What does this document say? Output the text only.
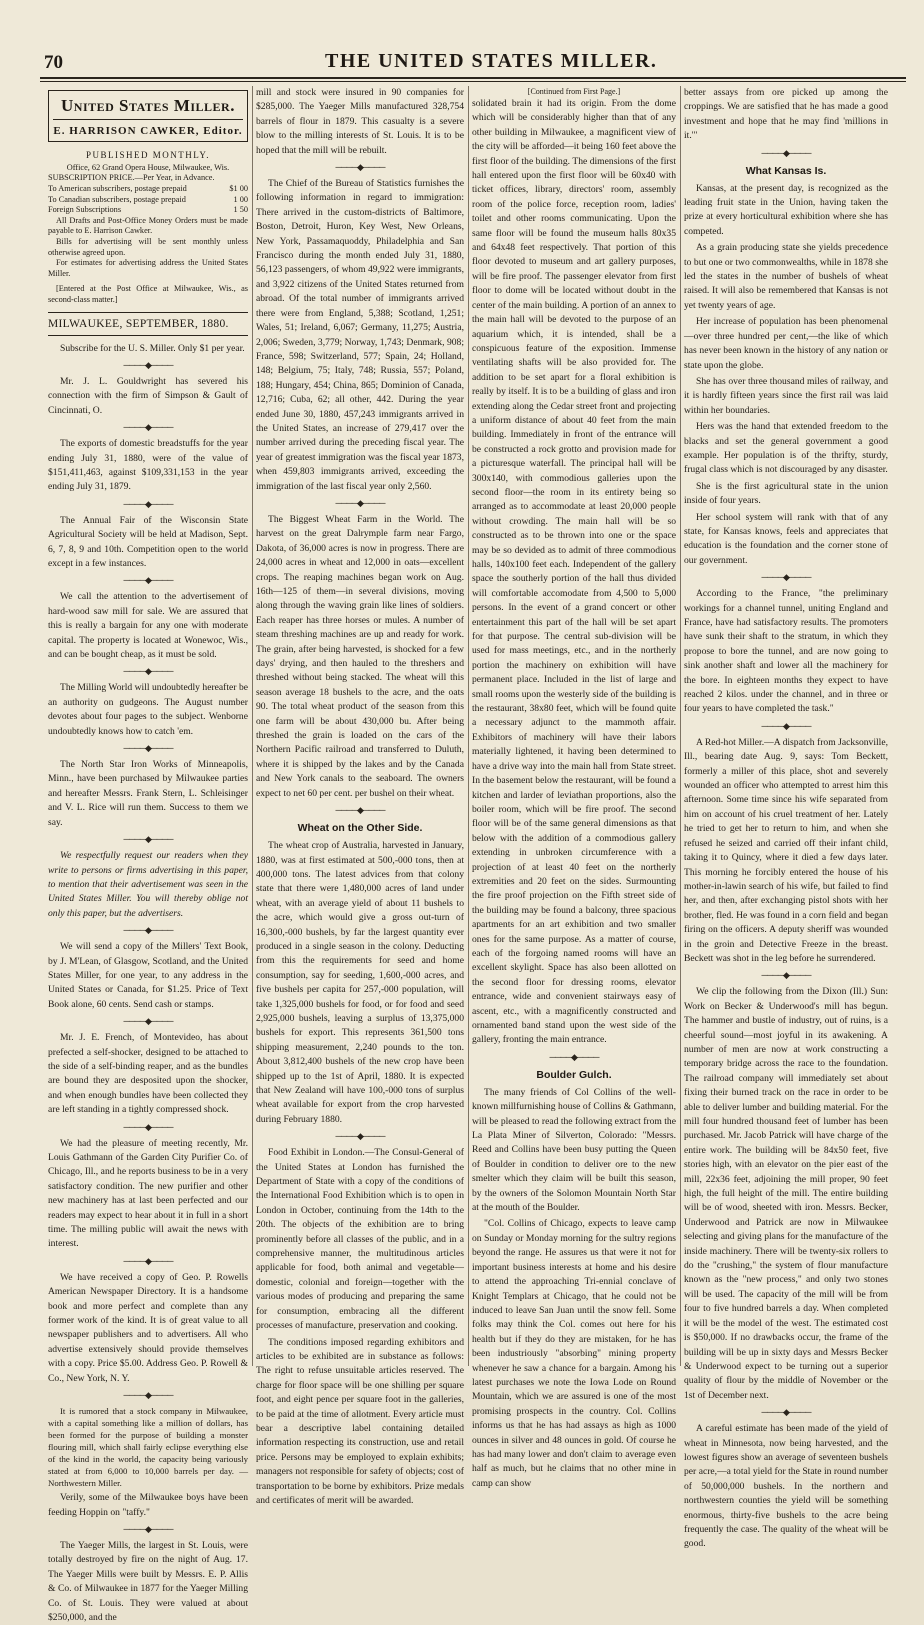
70	THE UNITED STATES MILLER.
United States Miller.
E. HARRISON CAWKER, Editor.
PUBLISHED MONTHLY.

Office, 62 Grand Opera House, Milwaukee, Wis.

SUBSCRIPTION PRICE.—Per Year, in Advance.

To American subscribers, postage prepaid	$1 00
To Canadian subscribers, postage prepaid	1 00
Foreign Subscriptions	1 50

All Drafts and Post-Office Money Orders must be made payable to E. Harrison Cawker.

Bills for advertising will be sent monthly unless otherwise agreed upon.

For estimates for advertising address the United States Miller.

[Entered at the Post Office at Milwaukee, Wis., as second-class matter.]

MILWAUKEE, SEPTEMBER, 1880.

Subscribe for the U. S. Miller. Only $1 per year.

────◆────

Mr. J. L. Gouldwright has severed his connection with the firm of Simpson & Gault of Cincinnati, O.

────◆────

The exports of domestic breadstuffs for the year ending July 31, 1880, were of the value of $151,411,463, against $109,331,153 in the year ending July 31, 1879.

────◆────

The Annual Fair of the Wisconsin State Agricultural Society will be held at Madison, Sept. 6, 7, 8, 9 and 10th. Competition open to the world except in a few instances.

────◆────

We call the attention to the advertisement of hard-wood saw mill for sale. We are assured that this is really a bargain for any one with moderate capital. The property is located at Wonewoc, Wis., and can be bought cheap, as it must be sold.

────◆────

The Milling World will undoubtedly hereafter be an authority on gudgeons. The August number devotes about four pages to the subject. Wenborne undoubtedly knows how to catch 'em.

────◆────

The North Star Iron Works of Minneapolis, Minn., have been purchased by Milwaukee parties and hereafter Messrs. Frank Stern, L. Schleisinger and V. L. Rice will run them. Success to them we say.

────◆────

We respectfully request our readers when they write to persons or firms advertising in this paper, to mention that their advertisement was seen in the United States Miller. You will thereby oblige not only this paper, but the advertisers.

────◆────

We will send a copy of the Millers' Text Book, by J. M'Lean, of Glasgow, Scotland, and the United States Miller, for one year, to any address in the United States or Canada, for $1.25. Price of Text Book alone, 60 cents. Send cash or stamps.

────◆────

Mr. J. E. French, of Montevideo, has about prefected a self-shocker, designed to be attached to the side of a self-binding reaper, and as the bundles are bound they are desposited upon the shocker, and when enough bundles have been collected they are left standing in a tightly compressed shock.

────◆────

We had the pleasure of meeting recently, Mr. Louis Gathmann of the Garden City Purifier Co. of Chicago, Ill., and he reports business to be in a very satisfactory condition. The new purifier and other new machinery has at last been perfected and our readers may expect to hear about it in full in a short time. The milling public will await the news with interest.

────◆────

We have received a copy of Geo. P. Rowells American Newspaper Directory. It is a handsome book and more perfect and complete than any former work of the kind. It is of great value to all newspaper publishers and to advertisers. All who advertise extensively should provide themselves with a copy. Price $5.00. Address Geo. P. Rowell & Co., New York, N. Y.

────◆────

It is rumored that a stock company in Milwaukee, with a capital something like a million of dollars, has been formed for the purpose of building a monster flouring mill, which shall fairly eclipse everything else of the kind in the world, the capacity being variously stated at from 6,000 to 10,000 barrels per day. —Northwestern Miller.

Verily, some of the Milwaukee boys have been feeding Hoppin on "taffy."

────◆────

The Yaeger Mills, the largest in St. Louis, were totally destroyed by fire on the night of Aug. 17. The Yaeger Mills were built by Messrs. E. P. Allis & Co. of Milwaukee in 1877 for the Yaeger Milling Co. of St. Louis. They were valued at about $250,000, and the

mill and stock were insured in 90 companies for $285,000. The Yaeger Mills manufactured 328,754 barrels of flour in 1879. This casualty is a severe blow to the milling interests of St. Louis. It is to be hoped that the mill will be rebuilt.

────◆────

The Chief of the Bureau of Statistics furnishes the following information in regard to immigration: There arrived in the custom-districts of Baltimore, Boston, Detroit, Huron, Key West, New Orleans, New York, Passamaquoddy, Philadelphia and San Francisco during the month ended July 31, 1880, 56,123 passengers, of whom 49,922 were immigrants, and 3,922 citizens of the United States returned from abroad. Of the total number of immigrants arrived there were from England, 5,388; Scotland, 1,251; Wales, 51; Ireland, 6,067; Germany, 11,275; Austria, 2,006; Sweden, 3,779; Norway, 1,743; Denmark, 908; France, 598; Switzerland, 577; Spain, 24; Holland, 148; Belgium, 75; Italy, 748; Russia, 557; Poland, 188; Hungary, 454; China, 865; Dominion of Canada, 12,716; Cuba, 62; all other, 442. During the year ended June 30, 1880, 457,243 immigrants arrived in the United States, an increase of 279,417 over the number arrived during the preceding fiscal year. The year of greatest immigration was the fiscal year 1873, when 459,803 immigrants arrived, exceeding the immigration of the last fiscal year only 2,560.

────◆────

The Biggest Wheat Farm in the World. The harvest on the great Dalrymple farm near Fargo, Dakota, of 36,000 acres is now in progress. There are 24,000 acres in wheat and 12,000 in oats—excellent crops. The reaping machines began work on Aug. 16th—125 of them—in several divisions, moving along through the waving grain like lines of soldiers. Each reaper has three horses or mules. A number of steam threshing machines are up and ready for work. The grain, after being harvested, is shocked for a few days' drying, and then hauled to the threshers and threshed without being stacked. The wheat will this season average 18 bushels to the acre, and the oats 90. The total wheat product of the season from this one farm will be about 430,000 bu. After being threshed the grain is loaded on the cars of the Northern Pacific railroad and transferred to Duluth, where it is shipped by the lakes and by the Canada and New York canals to the seaboard. The owners expect to net 60 per cent. per bushel on their wheat.

────◆────
Wheat on the Other Side.

The wheat crop of Australia, harvested in January, 1880, was at first estimated at 500,-000 tons, then at 400,000 tons. The latest advices from that colony state that there were 1,480,000 acres of land under wheat, with an average yield of about 11 bushels to the acre, which would give a gross out-turn of 16,300,-000 bushels, by far the largest quantity ever produced in a single season in the colony. Deducting from this the requirements for seed and home consumption, say for seeding, 1,600,-000 acres, and five bushels per capita for 257,-000 population, will take 1,325,000 bushels for food, or for food and seed 2,925,000 bushels, leaving a surplus of 13,375,000 bushels for export. This represents 361,500 tons shipping measurement, 2,240 pounds to the ton. About 3,812,400 bushels of the new crop have been shipped up to the 1st of April, 1880. It is expected that New Zealand will have 100,-000 tons of surplus wheat available for export from the crop harvested during February 1880.

────◆────

Food Exhibit in London.—The Consul-General of the United States at London has furnished the Department of State with a copy of the conditions of the International Food Exhibition which is to open in London in October, continuing from the 14th to the 20th. The objects of the exhibition are to bring prominently before all classes of the public, and in a comprehensive manner, the multitudinous articles applicable for food, both animal and vegetable—domestic, colonial and foreign—together with the various modes of producing and preparing the same for consumption, embracing all the different processes of manufacture, preservation and cooking.

The conditions imposed regarding exhibitors and articles to be exhibited are in substance as follows: The right to refuse unsuitable articles reserved. The charge for floor space will be one shilling per square foot, and eight pence per square foot in the galleries, to be paid at the time of allotment. Every article must bear a descriptive label containing detailed information respecting its construction, use and retail price. Persons may be employed to explain exhibits; managers not responsible for safety of objects; cost of transportation to be borne by exhibitors. Prize medals and certificates of merit will be awarded.

[Continued from First Page.]

solidated brain it had its origin. From the dome which will be considerably higher than that of any other building in Milwaukee, a magnificent view of the city will be afforded—it being 160 feet above the first floor of the building. The dimensions of the first hall entered upon the first floor will be 60x40 with ticket offices, library, directors' room, assembly room of the police force, reception room, ladies' toilet and other rooms communicating. Upon the same floor will be found the museum halls 80x35 and 64x48 feet respectively. That portion of this floor devoted to museum and art gallery purposes, will be fire proof. The passenger elevator from first floor to dome will be located without doubt in the center of the main building. A portion of an annex to the main hall will be devoted to the purpose of an aquarium which, it is intended, shall be a conspicuous feature of the exposition. Immense ventilating shafts will be also provided for. The addition to be set apart for a floral exhibition is really by itself. It is to be a building of glass and iron extending along the Cedar street front and projecting a uniform distance of about 40 feet from the main building. Immediately in front of the entrance will be constructed a rock grotto and provision made for a picturesque waterfall. The principal hall will be 300x140, with commodious galleries upon the second floor—the room in its entirety being so arranged as to accommodate at least 20,000 people without crowding. The main hall will be so constructed as to be thrown into one or the space may be so devided as to admit of three commodious halls, 140x100 feet each. Independent of the gallery space the southerly portion of the hall thus divided will comfortable accomodate from 4,500 to 5,000 persons. In the event of a grand concert or other entertainment this part of the hall will be set apart for that purpose. The central sub-division will be used for mass meetings, etc., and in the northerly portion the machinery on exhibition will have permanent place. Included in the list of large and small rooms upon the westerly side of the building is the restaurant, 38x80 feet, which will be found quite a necessary adjunct to the mammoth affair. Exhibitors of machinery will have their labors materially lightened, it having been determined to have a drive way into the main hall from State street. In the basement below the restaurant, will be found a kitchen and larder of leviathan proportions, also the boiler room, which will be fire proof. The second floor will be of the same general dimensions as that below with the addition of a commodious gallery extending in unbroken circumference with a projection of at least 40 feet on the northerly extremities and 20 feet on the sides. Surmounting the fire proof projection on the Fifth street side of the building may be found a balcony, three spacious apartments for an art exhibition and two smaller ones for the same purpose. As a matter of course, each of the forgoing named rooms will have an excellent skylight. Space has also been allotted on the second floor for dressing rooms, elevator entrance, wide and convenient stairways easy of ascent, etc., with a magnificently constructed and ornamented band stand upon the west side of the gallery, fronting the main entrance.

────◆────
Boulder Gulch.

The many friends of Col Collins of the well-known millfurnishing house of Collins & Gathmann, will be pleased to read the following extract from the La Plata Miner of Silverton, Colorado: "Messrs. Reed and Collins have been busy putting the Queen of Boulder in condition to deliver ore to the new smelter which they claim will be built this season, by the owners of the Solomon Mountain North Star at the mouth of the Boulder.

"Col. Collins of Chicago, expects to leave camp on Sunday or Monday morning for the sultry regions beyond the range. He assures us that were it not for important business interests at home and his desire to attend the approaching Tri-ennial conclave of Knight Templars at Chicago, that he could not be induced to leave San Juan until the snow fell. Some folks may think the Col. comes out here for his health but if they do they are mistaken, for he has been industriously "absorbing" mining property whenever he saw a chance for a bargain. Among his latest purchases we note the Iowa Lode on Round Mountain, which we are assured is one of the most promising prospects in the country. Col. Collins informs us that he has had assays as high as 1000 ounces in silver and 48 ounces in gold. Of course he has had many lower and don't claim to average even half as much, but he claims that no other mine in camp can show

better assays from ore picked up among the croppings. We are satisfied that he has made a good investment and hope that he may find 'millions in it.'"

────◆────
What Kansas Is.

Kansas, at the present day, is recognized as the leading fruit state in the Union, having taken the prize at every horticultural exhibition where she has competed.

As a grain producing state she yields precedence to but one or two commonwealths, while in 1878 she led the states in the number of bushels of wheat raised. It will also be remembered that Kansas is not yet twenty years of age.

Her increase of population has been phenomenal—over three hundred per cent,—the like of which has never been known in the history of any nation or state upon the globe.

She has over three thousand miles of railway, and it is hardly fifteen years since the first rail was laid within her boundaries.

Hers was the hand that extended freedom to the blacks and set the general government a good example. Her population is of the thrifty, sturdy, frugal class which is not discouraged by any disaster.

She is the first agricultural state in the union inside of four years.

Her school system will rank with that of any state, for Kansas knows, feels and appreciates that education is the foundation and the corner stone of our government.

────◆────

According to the France, "the preliminary workings for a channel tunnel, uniting England and France, have had satisfactory results. The promoters have sunk their shaft to the stratum, in which they propose to bore the tunnel, and are now going to sink another shaft and lower all the machinery for the bore. In eighteen months they expect to have reached 2 kilos. under the channel, and in three or four years to have completed the task."

────◆────

A Red-hot Miller.—A dispatch from Jacksonville, Ill., bearing date Aug. 9, says: Tom Beckett, formerly a miller of this place, shot and severely wounded an officer who attempted to arrest him this afternoon. Some time since his wife separated from him on account of his cruel treatment of her. Lately he tried to get her to return to him, and when she refused he seized and carried off their infant child, taking it to Quincy, where it died a few days later. This morning he forcibly entered the house of his mother-in-lawin search of his wife, but failed to find her, and then, after exchanging pistol shots with her brother, fled. He was found in a corn field and began firing on the officers. A deputy sheriff was wounded in the groin and Detective Freeze in the breast. Beckett was shot in the leg before he surrendered.

────◆────

We clip the following from the Dixon (Ill.) Sun: Work on Becker & Underwood's mill has begun. The hammer and bustle of industry, out of ruins, is a cheerful sound—most joyful in its awakening. A number of men are now at work constructing a temporary bridge across the race to the foundation. The railroad company will immediately set about fixing their burned track on the race in order to be able to deliver lumber and building material. For the mill four hundred thousand feet of lumber has been purchased. Mr. Jacob Patrick will have charge of the entire work. The building will be 84x50 feet, five stories high, with an elevator on the pier east of the mill, 22x36 feet, adjoining the mill proper, 90 feet high, the full height of the mill. The entire building will be of wood, sheeted with iron. Messrs. Becker, Underwood and Patrick are now in Milwaukee selecting and giving plans for the manufacture of the inside machinery. There will be twenty-six rollers to do the "crushing," the system of flour manufacture known as the "new process," and only two stones will be used. The capacity of the mill will be from four to five hundred barrels a day. When completed it will be the model of the west. The estimated cost is $50,000. If no drawbacks occur, the frame of the building will be up in sixty days and Messrs Becker & Underwood expect to be turning out a superior quality of flour by the middle of November or the 1st of December next.

────◆────

A careful estimate has been made of the yield of wheat in Minnesota, now being harvested, and the lowest figures show an average of seventeen bushels per acre,—a total yield for the State in round number of 50,000,000 bushels. In the northern and northwestern counties the yield will be something enormous, thirty-five bushels to the acre being frequently the case. The quality of the wheat will be good.
